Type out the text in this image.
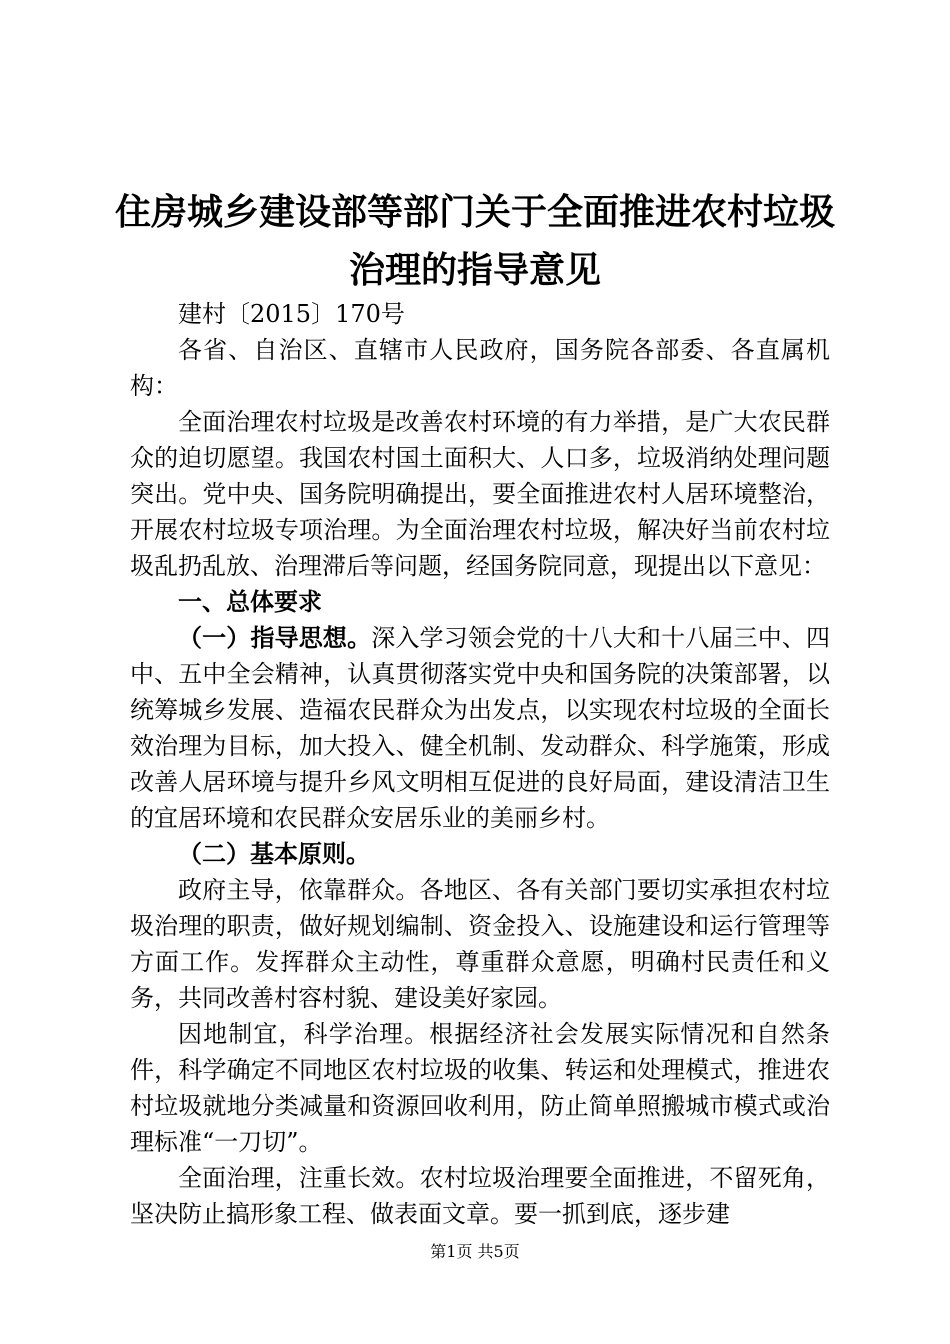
住房城乡建设部等部门关于全面推进农村垃圾
治理的指导意见

建村〔2015〕170号

各省、自治区、直辖市人民政府，国务院各部委、各直属机构：

全面治理农村垃圾是改善农村环境的有力举措，是广大农民群众的迫切愿望。我国农村国土面积大、人口多，垃圾消纳处理问题突出。党中央、国务院明确提出，要全面推进农村人居环境整治，开展农村垃圾专项治理。为全面治理农村垃圾，解决好当前农村垃圾乱扔乱放、治理滞后等问题，经国务院同意，现提出以下意见：

一、总体要求

（一）指导思想。深入学习领会党的十八大和十八届三中、四中、五中全会精神，认真贯彻落实党中央和国务院的决策部署，以统筹城乡发展、造福农民群众为出发点，以实现农村垃圾的全面长效治理为目标，加大投入、健全机制、发动群众、科学施策，形成改善人居环境与提升乡风文明相互促进的良好局面，建设清洁卫生的宜居环境和农民群众安居乐业的美丽乡村。

（二）基本原则。

政府主导，依靠群众。各地区、各有关部门要切实承担农村垃圾治理的职责，做好规划编制、资金投入、设施建设和运行管理等方面工作。发挥群众主动性，尊重群众意愿，明确村民责任和义务，共同改善村容村貌、建设美好家园。

因地制宜，科学治理。根据经济社会发展实际情况和自然条件，科学确定不同地区农村垃圾的收集、转运和处理模式，推进农村垃圾就地分类减量和资源回收利用，防止简单照搬城市模式或治理标准“一刀切”。

全面治理，注重长效。农村垃圾治理要全面推进，不留死角，坚决防止搞形象工程、做表面文章。要一抓到底，逐步建

第1页 共5页
